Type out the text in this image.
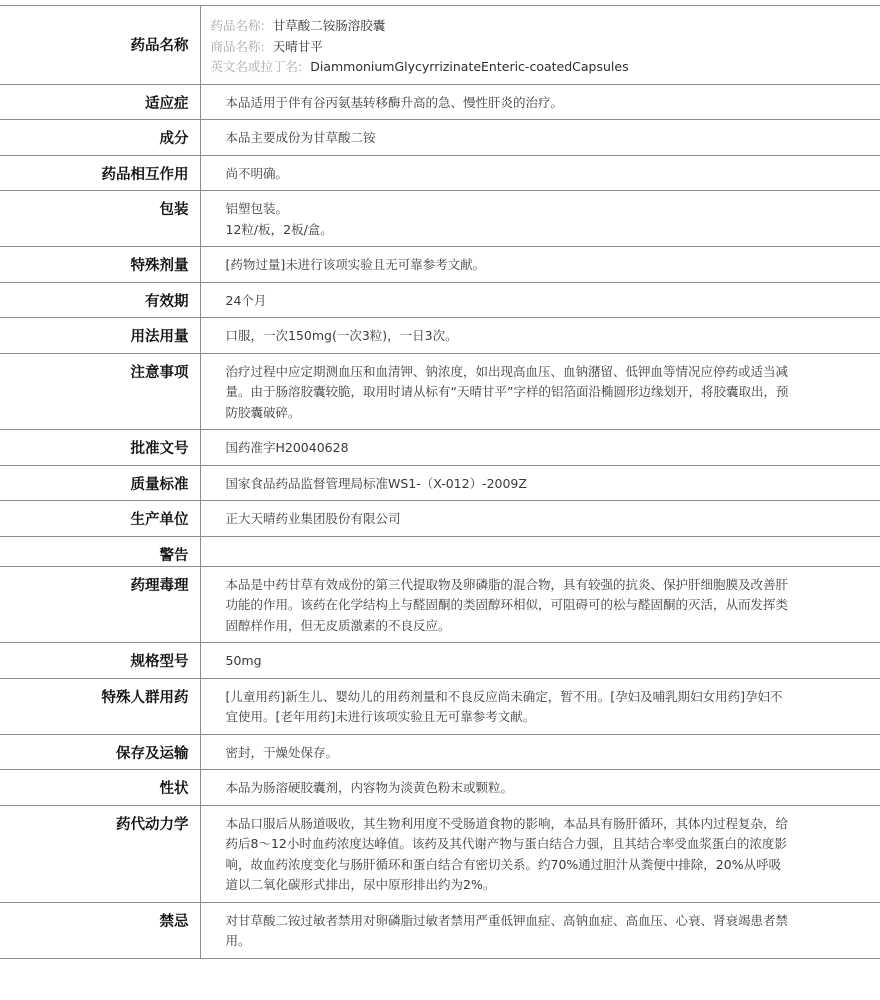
药品名称	药品名称: 甘草酸二铵肠溶胶囊
商品名称: 天晴甘平
英文名或拉丁名: DiammoniumGlycyrrizinateEnteric-coatedCapsules

适应症	本品适用于伴有谷丙氨基转移酶升高的急、慢性肝炎的治疗。
成分	本品主要成份为甘草酸二铵
药品相互作用	尚不明确。
包装	铝塑包装。
12粒/板，2板/盒。

特殊剂量	[药物过量]未进行该项实验且无可靠参考文献。
有效期	24个月
用法用量	口服，一次150mg(一次3粒)，一日3次。
注意事项	治疗过程中应定期测血压和血清钾、钠浓度，如出现高血压、血钠潴留、低钾血等情况应停药或适当减量。由于肠溶胶囊较脆，取用时请从标有“天晴甘平”字样的铝箔面沿椭圆形边缘划开，将胶囊取出，预防胶囊破碎。
批准文号	国药准字H20040628
质量标准	国家食品药品监督管理局标准WS1-（X-012）-2009Z
生产单位	正大天晴药业集团股份有限公司
警告	
药理毒理	本品是中药甘草有效成份的第三代提取物及卵磷脂的混合物，具有较强的抗炎、保护肝细胞膜及改善肝功能的作用。该药在化学结构上与醛固酮的类固醇环相似，可阻碍可的松与醛固酮的灭活，从而发挥类固醇样作用，但无皮质激素的不良反应。
规格型号	50mg
特殊人群用药	[儿童用药]新生儿、婴幼儿的用药剂量和不良反应尚未确定，暂不用。[孕妇及哺乳期妇女用药]孕妇不宜使用。[老年用药]未进行该项实验且无可靠参考文献。
保存及运输	密封，干燥处保存。
性状	本品为肠溶硬胶囊剂，内容物为淡黄色粉末或颗粒。
药代动力学	本品口服后从肠道吸收，其生物利用度不受肠道食物的影响，本品具有肠肝循环，其体内过程复杂，给药后8～12小时血药浓度达峰值。该药及其代谢产物与蛋白结合力强，且其结合率受血浆蛋白的浓度影响，故血药浓度变化与肠肝循环和蛋白结合有密切关系。约70%通过胆汁从粪便中排除，20%从呼吸道以二氧化碳形式排出，尿中原形排出约为2%。
禁忌	对甘草酸二铵过敏者禁用对卵磷脂过敏者禁用严重低钾血症、高钠血症、高血压、心衰、肾衰竭患者禁用。
